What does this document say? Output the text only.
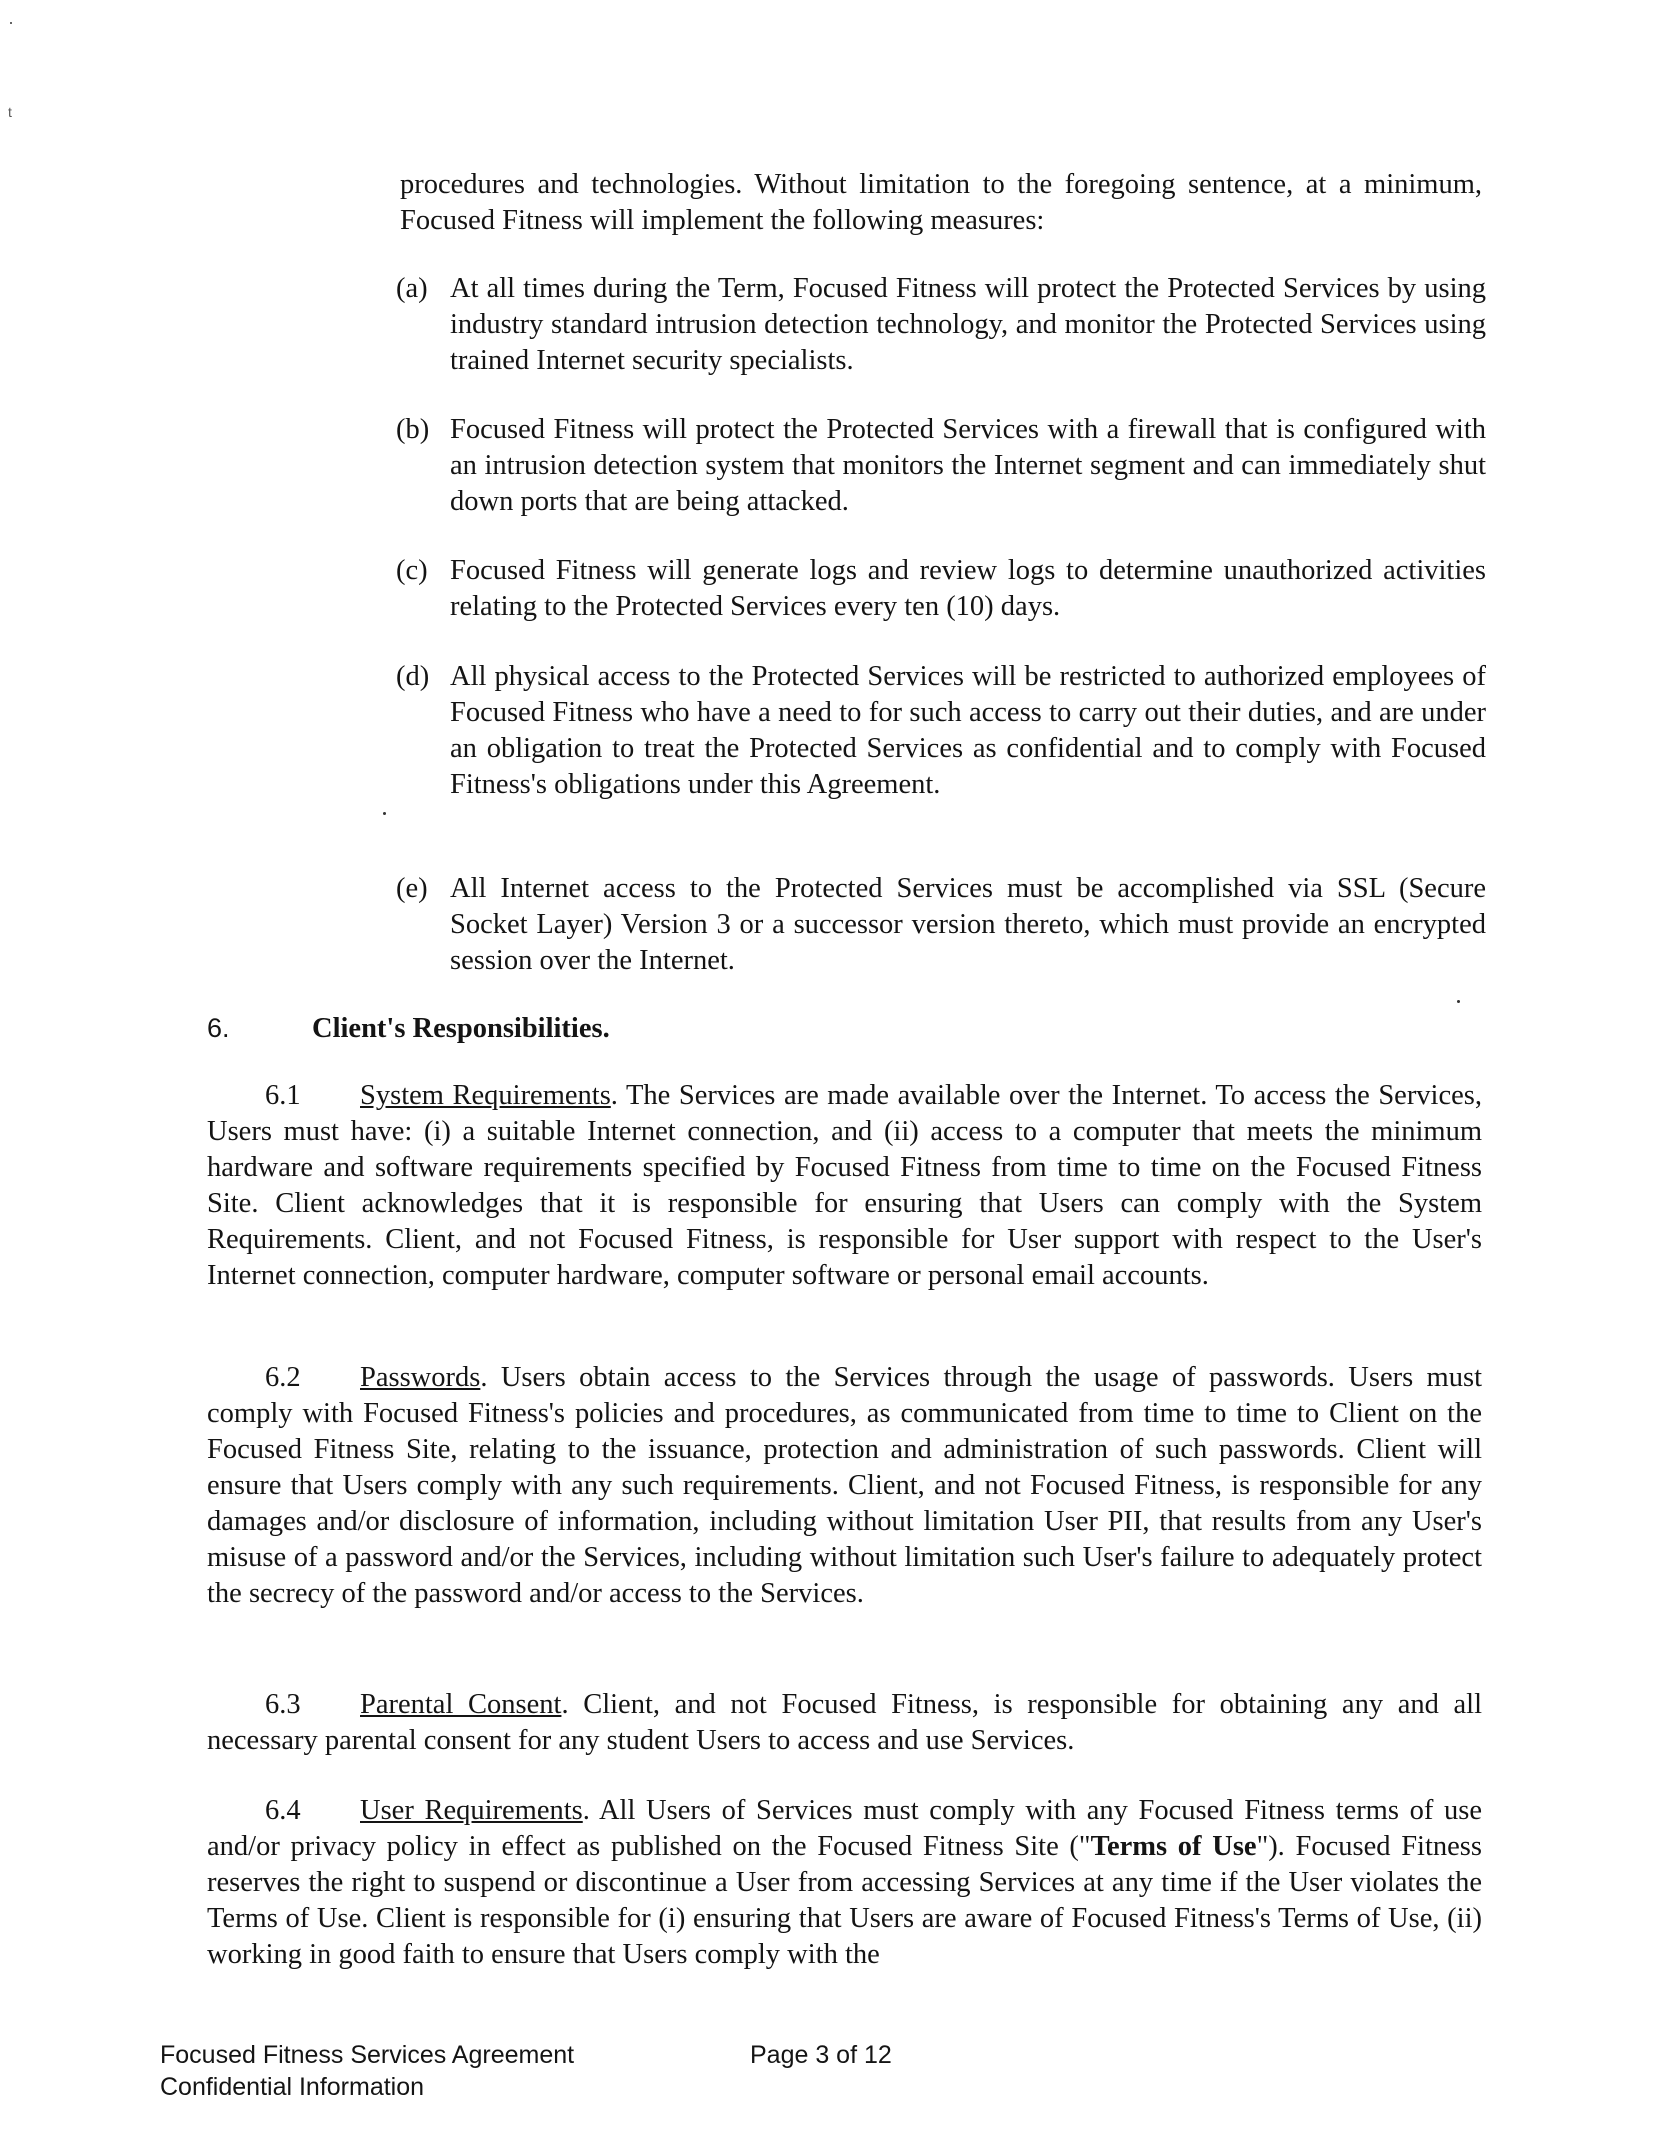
t
procedures and technologies. Without limitation to the foregoing sentence, at a minimum, Focused Fitness will implement the following measures:
(a) At all times during the Term, Focused Fitness will protect the Protected Services by using industry standard intrusion detection technology, and monitor the Protected Services using trained Internet security specialists.
(b) Focused Fitness will protect the Protected Services with a firewall that is configured with an intrusion detection system that monitors the Internet segment and can immediately shut down ports that are being attacked.
(c) Focused Fitness will generate logs and review logs to determine unauthorized activities relating to the Protected Services every ten (10) days.
(d) All physical access to the Protected Services will be restricted to authorized employees of Focused Fitness who have a need to for such access to carry out their duties, and are under an obligation to treat the Protected Services as confidential and to comply with Focused Fitness's obligations under this Agreement.
(e) All Internet access to the Protected Services must be accomplished via SSL (Secure Socket Layer) Version 3 or a successor version thereto, which must provide an encrypted session over the Internet.
6.	Client's Responsibilities.
6.1 System Requirements. The Services are made available over the Internet. To access the Services, Users must have: (i) a suitable Internet connection, and (ii) access to a computer that meets the minimum hardware and software requirements specified by Focused Fitness from time to time on the Focused Fitness Site. Client acknowledges that it is responsible for ensuring that Users can comply with the System Requirements. Client, and not Focused Fitness, is responsible for User support with respect to the User's Internet connection, computer hardware, computer software or personal email accounts.
6.2 Passwords. Users obtain access to the Services through the usage of passwords. Users must comply with Focused Fitness's policies and procedures, as communicated from time to time to Client on the Focused Fitness Site, relating to the issuance, protection and administration of such passwords. Client will ensure that Users comply with any such requirements. Client, and not Focused Fitness, is responsible for any damages and/or disclosure of information, including without limitation User PII, that results from any User's misuse of a password and/or the Services, including without limitation such User's failure to adequately protect the secrecy of the password and/or access to the Services.
6.3 Parental Consent. Client, and not Focused Fitness, is responsible for obtaining any and all necessary parental consent for any student Users to access and use Services.
6.4 User Requirements. All Users of Services must comply with any Focused Fitness terms of use and/or privacy policy in effect as published on the Focused Fitness Site ("Terms of Use"). Focused Fitness reserves the right to suspend or discontinue a User from accessing Services at any time if the User violates the Terms of Use. Client is responsible for (i) ensuring that Users are aware of Focused Fitness's Terms of Use, (ii) working in good faith to ensure that Users comply with the
Focused Fitness Services Agreement
Confidential Information
Page 3 of 12
